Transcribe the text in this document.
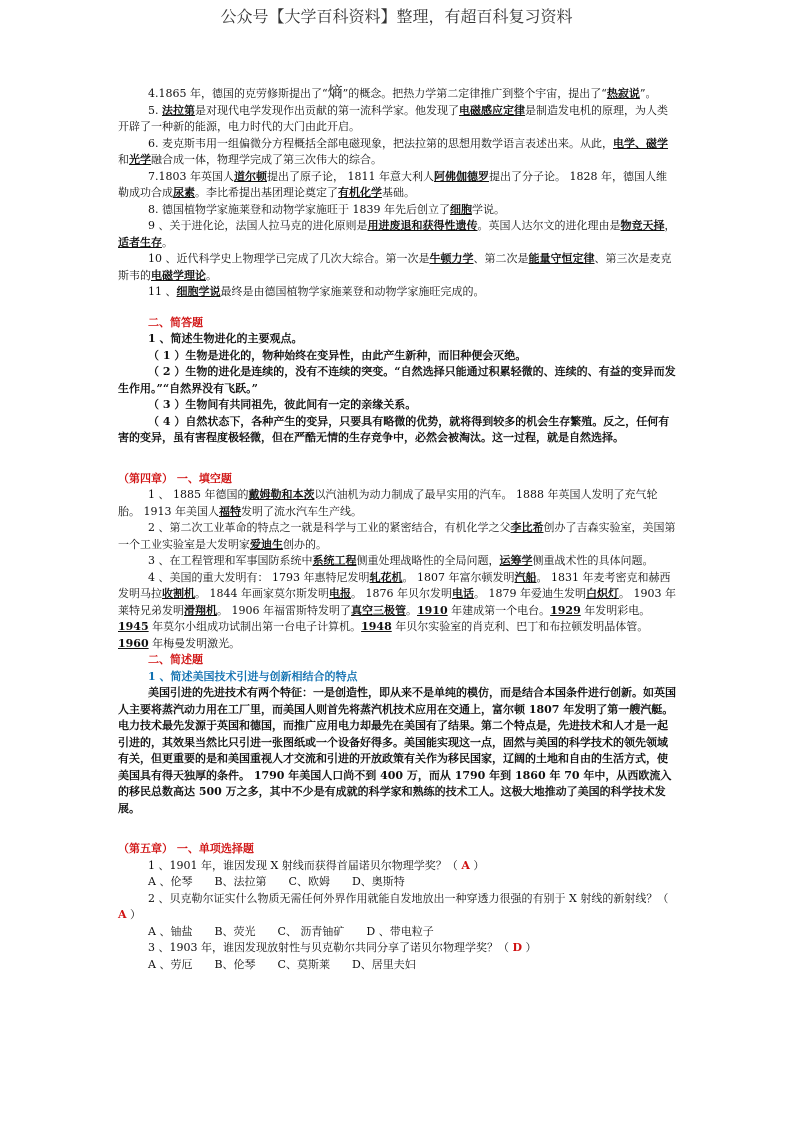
公众号【大学百科资料】整理，有超百科复习资料

4.1865 年，德国的克劳修斯提出了“熵”的概念。把热力学第二定律推广到整个宇宙，提出了“热寂说”。

5. 法拉第是对现代电学发现作出贡献的第一流科学家。他发现了电磁感应定律是制造发电机的原理，为人类开辟了一种新的能源，电力时代的大门由此开启。

6. 麦克斯韦用一组偏微分方程概括全部电磁现象，把法拉第的思想用数学语言表述出来。从此，电学、磁学和光学融合成一体，物理学完成了第三次伟大的综合。

7.1803 年英国人道尔顿提出了原子论， 1811 年意大利人阿佛伽德罗提出了分子论。 1828 年，德国人维勒成功合成尿素。李比希提出基团理论奠定了有机化学基础。

8. 德国植物学家施莱登和动物学家施旺于 1839 年先后创立了细胞学说。

9 、关于进化论，法国人拉马克的进化原则是用进废退和获得性遗传。英国人达尔文的进化理由是物竞天择， 适者生存。

10 、近代科学史上物理学已完成了几次大综合。第一次是牛顿力学、第二次是能量守恒定律、第三次是麦克斯韦的电磁学理论。

11 、细胞学说最终是由德国植物学家施莱登和动物学家施旺完成的。

二、简答题

1 、简述生物进化的主要观点。

（ 1 ）生物是进化的，物种始终在变异性，由此产生新种，而旧种便会灭绝。

（ 2 ）生物的进化是连续的，没有不连续的突变。“自然选择只能通过积累轻微的、连续的、有益的变异而发生作用。”“自然界没有飞跃。”

（ 3 ）生物间有共同祖先，彼此间有一定的亲缘关系。

（ 4 ）自然状态下，各种产生的变异，只要具有略微的优势，就将得到较多的机会生存繁殖。反之，任何有害的变异，虽有害程度极轻微，但在严酷无情的生存竞争中，必然会被淘汰。这一过程，就是自然选择。

（第四章） 一、填空题

1 、 1885 年德国的戴姆勒和本茨以汽油机为动力制成了最早实用的汽车。 1888 年英国人发明了充气轮胎。 1913 年美国人福特发明了流水汽车生产线。

2 、第二次工业革命的特点之一就是科学与工业的紧密结合，有机化学之父李比希创办了吉森实验室，美国第一个工业实验室是大发明家爱迪生创办的。

3 、在工程管理和军事国防系统中系统工程侧重处理战略性的全局问题，运筹学侧重战术性的具体问题。

4 、美国的重大发明有： 1793 年惠特尼发明轧花机。 1807 年富尔顿发明汽船。 1831 年麦考密克和赫西发明马拉收割机。 1844 年画家莫尔斯发明电报。 1876 年贝尔发明电话。 1879 年爱迪生发明白炽灯。 1903 年莱特兄弟发明滑翔机。 1906 年福雷斯特发明了真空三极管。1910 年建成第一个电台。1929 年发明彩电。

1945 年莫尔小组成功试制出第一台电子计算机。1948 年贝尔实验室的肖克利、巴丁和布拉顿发明晶体管。

1960 年梅曼发明激光。

二、简述题

1 、简述美国技术引进与创新相结合的特点

美国引进的先进技术有两个特征：一是创造性，即从来不是单纯的模仿，而是结合本国条件进行创新。如英国人主要将蒸汽动力用在工厂里，而美国人则首先将蒸汽机技术应用在交通上，富尔顿 1807 年发明了第一艘汽艇。电力技术最先发源于英国和德国，而推广应用电力却最先在美国有了结果。第二个特点是，先进技术和人才是一起引进的，其效果当然比只引进一张图纸或一个设备好得多。美国能实现这一点，固然与美国的科学技术的领先领域有关，但更重要的是和美国重视人才交流和引进的开放政策有关作为移民国家，辽阔的土地和自由的生活方式，使美国具有得天独厚的条件。 1790 年美国人口尚不到 400 万，而从 1790 年到 1860 年 70 年中，从西欧流入的移民总数高达 500 万之多，其中不少是有成就的科学家和熟练的技术工人。这极大地推动了美国的科学技术发展。

（第五章） 一、单项选择题

1 、1901 年，谁因发现 X 射线而获得首届诺贝尔物理学奖？（ A ）

A 、伦琴　　B、法拉第　　C、欧姆　　D、奥斯特

2 、贝克勒尔证实什么物质无需任何外界作用就能自发地放出一种穿透力很强的有别于 X 射线的新射线？（ A ）

A 、铀盐　　B、荧光　　C、 沥青铀矿　　D 、带电粒子

3 、1903 年，谁因发现放射性与贝克勒尔共同分享了诺贝尔物理学奖？（ D ）

A 、劳厄　　B、伦琴　　C、莫斯莱　　D、居里夫妇
